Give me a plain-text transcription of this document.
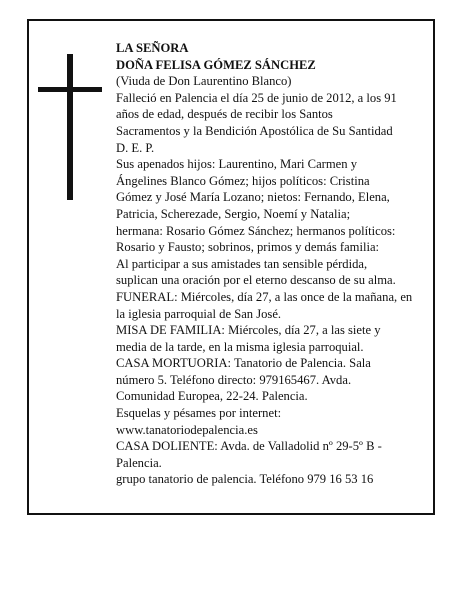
LA SEÑORA
DOÑA FELISA GÓMEZ SÁNCHEZ
(Viuda de Don Laurentino Blanco)
Falleció en Palencia el día 25 de junio de 2012, a los 91
años de edad, después de recibir los Santos
Sacramentos y la Bendición Apostólica de Su Santidad
D. E. P.
Sus apenados hijos: Laurentino, Mari Carmen y
Ángelines Blanco Gómez; hijos políticos: Cristina
Gómez y José María Lozano; nietos: Fernando, Elena,
Patricia, Scherezade, Sergio, Noemí y Natalia;
hermana: Rosario Gómez Sánchez; hermanos políticos:
Rosario y Fausto; sobrinos, primos y demás familia:
Al participar a sus amistades tan sensible pérdida,
suplican una oración por el eterno descanso de su alma.
FUNERAL: Miércoles, día 27, a las once de la mañana, en
la iglesia parroquial de San José.
MISA DE FAMILIA: Miércoles, día 27, a las siete y
media de la tarde, en la misma iglesia parroquial.
CASA MORTUORIA: Tanatorio de Palencia. Sala
número 5. Teléfono directo: 979165467. Avda.
Comunidad Europea, 22-24. Palencia.
Esquelas y pésames por internet:
www.tanatoriodepalencia.es
CASA DOLIENTE: Avda. de Valladolid nº 29-5º B -
Palencia.
grupo tanatorio de palencia. Teléfono 979 16 53 16
